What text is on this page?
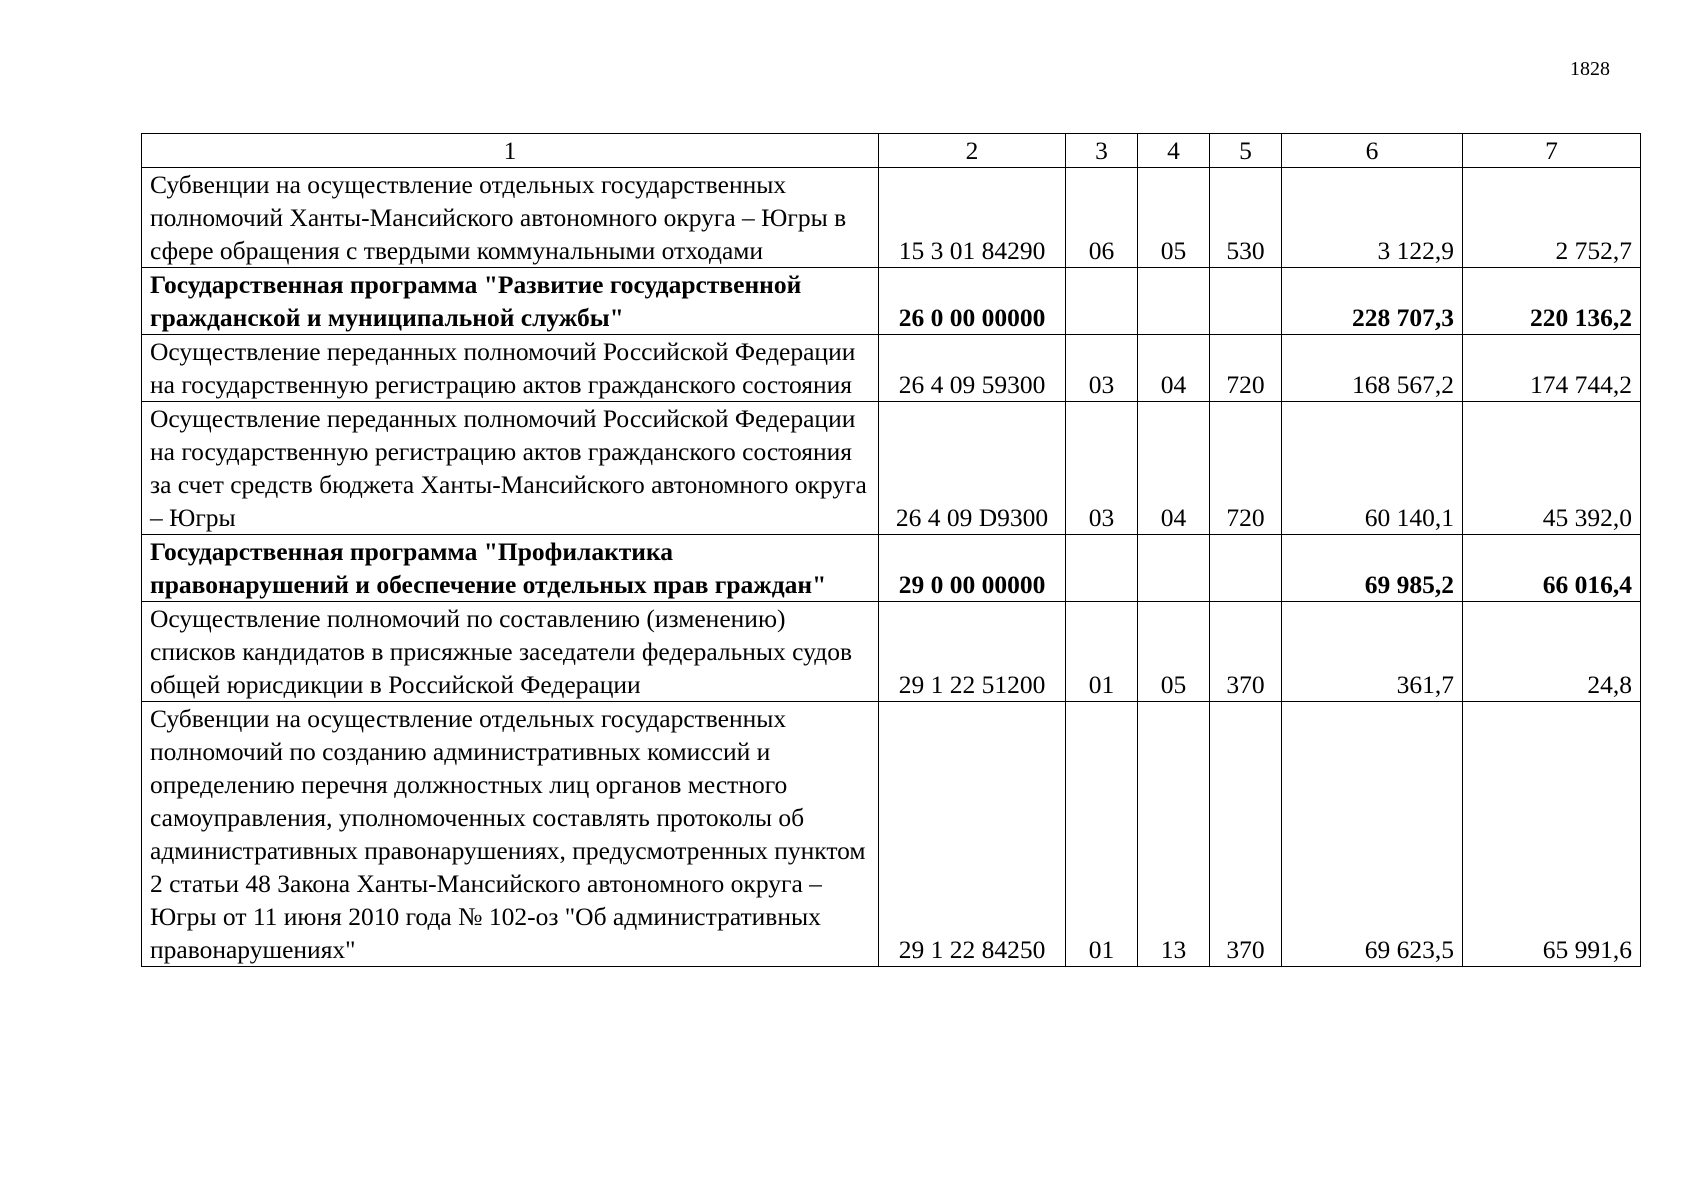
1828
1	2	3	4	5	6	7
Субвенции на осуществление отдельных государственных полномочий Ханты-Мансийского автономного округа – Югры в сфере обращения с твердыми коммунальными отходами	15 3 01 84290	06	05	530	3 122,9	2 752,7
Государственная программа "Развитие государственной гражданской и муниципальной службы"	26 0 00 00000				228 707,3	220 136,2
Осуществление переданных полномочий Российской Федерации на государственную регистрацию актов гражданского состояния	26 4 09 59300	03	04	720	168 567,2	174 744,2
Осуществление переданных полномочий Российской Федерации на государственную регистрацию актов гражданского состояния за счет средств бюджета Ханты-Мансийского автономного округа – Югры	26 4 09 D9300	03	04	720	60 140,1	45 392,0
Государственная программа "Профилактика правонарушений и обеспечение отдельных прав граждан"	29 0 00 00000				69 985,2	66 016,4
Осуществление полномочий по составлению (изменению) списков кандидатов в присяжные заседатели федеральных судов общей юрисдикции в Российской Федерации	29 1 22 51200	01	05	370	361,7	24,8
Субвенции на осуществление отдельных государственных полномочий по созданию административных комиссий и определению перечня должностных лиц органов местного самоуправления, уполномоченных составлять протоколы об административных правонарушениях, предусмотренных пунктом 2 статьи 48 Закона Ханты-Мансийского автономного округа – Югры от 11 июня 2010 года № 102-оз "Об административных правонарушениях"	29 1 22 84250	01	13	370	69 623,5	65 991,6
